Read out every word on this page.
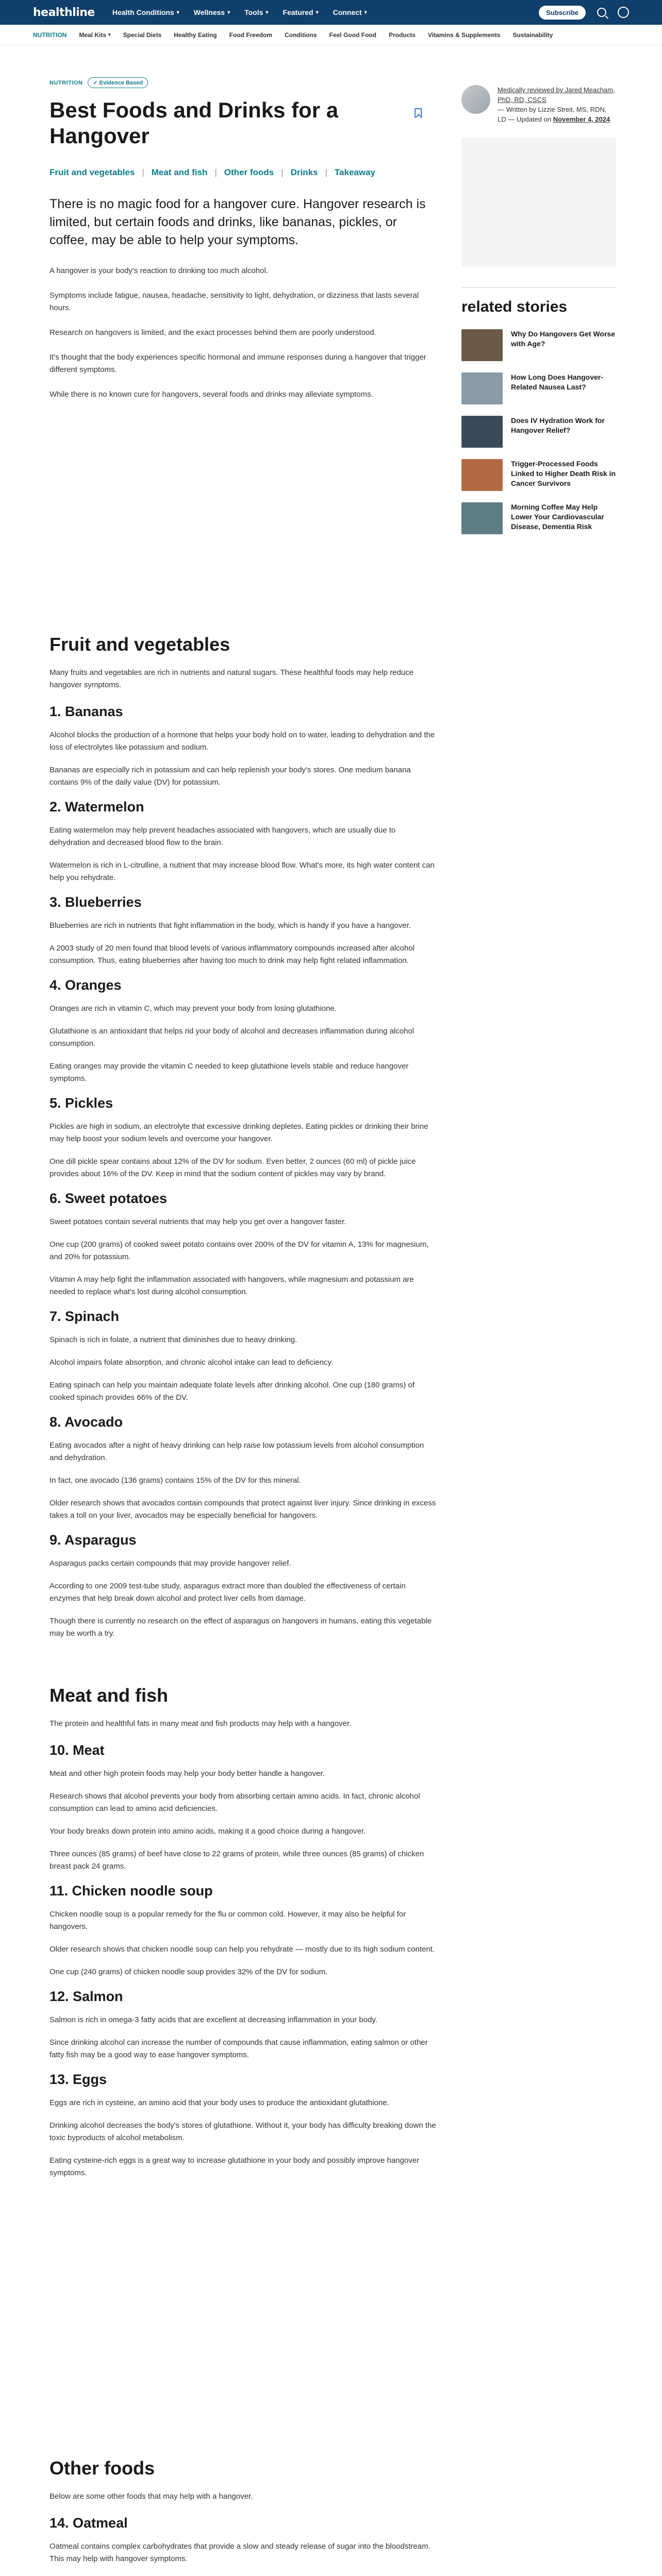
healthline Health Conditions ▾ Wellness ▾ Tools ▾ Featured ▾ Connect ▾	Subscribe
NUTRITION Meal Kits ▾ Special Diets Healthy Eating Food Freedom Conditions Feel Good Food Products Vitamins & Supplements Sustainability
NUTRITION	✓ Evidence Based
Best Foods and Drinks for a Hangover
Fruit and vegetables | Meat and fish | Other foods | Drinks | Takeaway

There is no magic food for a hangover cure. Hangover research is limited, but certain foods and drinks, like bananas, pickles, or coffee, may be able to help your symptoms.

A hangover is your body's reaction to drinking too much alcohol.

Symptoms include fatigue, nausea, headache, sensitivity to light, dehydration, or dizziness that lasts several hours.

Research on hangovers is limited, and the exact processes behind them are poorly understood.

It's thought that the body experiences specific hormonal and immune responses during a hangover that trigger different symptoms.

While there is no known cure for hangovers, several foods and drinks may alleviate symptoms.

Fruit and vegetables

Many fruits and vegetables are rich in nutrients and natural sugars. These healthful foods may help reduce hangover symptoms.

1. Bananas

Alcohol blocks the production of a hormone that helps your body hold on to water, leading to dehydration and the loss of electrolytes like potassium and sodium.

Bananas are especially rich in potassium and can help replenish your body's stores. One medium banana contains 9% of the daily value (DV) for potassium.

2. Watermelon

Eating watermelon may help prevent headaches associated with hangovers, which are usually due to dehydration and decreased blood flow to the brain.

Watermelon is rich in L-citrulline, a nutrient that may increase blood flow. What's more, its high water content can help you rehydrate.

3. Blueberries

Blueberries are rich in nutrients that fight inflammation in the body, which is handy if you have a hangover.

A 2003 study of 20 men found that blood levels of various inflammatory compounds increased after alcohol consumption. Thus, eating blueberries after having too much to drink may help fight related inflammation.

4. Oranges

Oranges are rich in vitamin C, which may prevent your body from losing glutathione.

Glutathione is an antioxidant that helps rid your body of alcohol and decreases inflammation during alcohol consumption.

Eating oranges may provide the vitamin C needed to keep glutathione levels stable and reduce hangover symptoms.

5. Pickles

Pickles are high in sodium, an electrolyte that excessive drinking depletes. Eating pickles or drinking their brine may help boost your sodium levels and overcome your hangover.

One dill pickle spear contains about 12% of the DV for sodium. Even better, 2 ounces (60 ml) of pickle juice provides about 16% of the DV. Keep in mind that the sodium content of pickles may vary by brand.

6. Sweet potatoes

Sweet potatoes contain several nutrients that may help you get over a hangover faster.

One cup (200 grams) of cooked sweet potato contains over 200% of the DV for vitamin A, 13% for magnesium, and 20% for potassium.

Vitamin A may help fight the inflammation associated with hangovers, while magnesium and potassium are needed to replace what's lost during alcohol consumption.

7. Spinach

Spinach is rich in folate, a nutrient that diminishes due to heavy drinking.

Alcohol impairs folate absorption, and chronic alcohol intake can lead to deficiency.

Eating spinach can help you maintain adequate folate levels after drinking alcohol. One cup (180 grams) of cooked spinach provides 66% of the DV.

8. Avocado

Eating avocados after a night of heavy drinking can help raise low potassium levels from alcohol consumption and dehydration.

In fact, one avocado (136 grams) contains 15% of the DV for this mineral.

Older research shows that avocados contain compounds that protect against liver injury. Since drinking in excess takes a toll on your liver, avocados may be especially beneficial for hangovers.

9. Asparagus

Asparagus packs certain compounds that may provide hangover relief.

According to one 2009 test-tube study, asparagus extract more than doubled the effectiveness of certain enzymes that help break down alcohol and protect liver cells from damage.

Though there is currently no research on the effect of asparagus on hangovers in humans, eating this vegetable may be worth a try.

Meat and fish

The protein and healthful fats in many meat and fish products may help with a hangover.

10. Meat

Meat and other high protein foods may help your body better handle a hangover.

Research shows that alcohol prevents your body from absorbing certain amino acids. In fact, chronic alcohol consumption can lead to amino acid deficiencies.

Your body breaks down protein into amino acids, making it a good choice during a hangover.

Three ounces (85 grams) of beef have close to 22 grams of protein, while three ounces (85 grams) of chicken breast pack 24 grams.

11. Chicken noodle soup

Chicken noodle soup is a popular remedy for the flu or common cold. However, it may also be helpful for hangovers.

Older research shows that chicken noodle soup can help you rehydrate — mostly due to its high sodium content.

One cup (240 grams) of chicken noodle soup provides 32% of the DV for sodium.

12. Salmon

Salmon is rich in omega-3 fatty acids that are excellent at decreasing inflammation in your body.

Since drinking alcohol can increase the number of compounds that cause inflammation, eating salmon or other fatty fish may be a good way to ease hangover symptoms.

13. Eggs

Eggs are rich in cysteine, an amino acid that your body uses to produce the antioxidant glutathione.

Drinking alcohol decreases the body's stores of glutathione. Without it, your body has difficulty breaking down the toxic byproducts of alcohol metabolism.

Eating cysteine-rich eggs is a great way to increase glutathione in your body and possibly improve hangover symptoms.

Other foods

Below are some other foods that may help with a hangover.

14. Oatmeal

Oatmeal contains complex carbohydrates that provide a slow and steady release of sugar into the bloodstream. This may help with hangover symptoms.

Medically reviewed by Jared Meacham, PhD, RD, CSCS
— Written by Lizzie Streit, MS, RDN, LD — Updated on November 4, 2024
related stories
Why Do Hangovers Get Worse with Age?
How Long Does Hangover-Related Nausea Last?
Does IV Hydration Work for Hangover Relief?
Trigger-Processed Foods Linked to Higher Death Risk in Cancer Survivors
Morning Coffee May Help Lower Your Cardiovascular Disease, Dementia Risk
